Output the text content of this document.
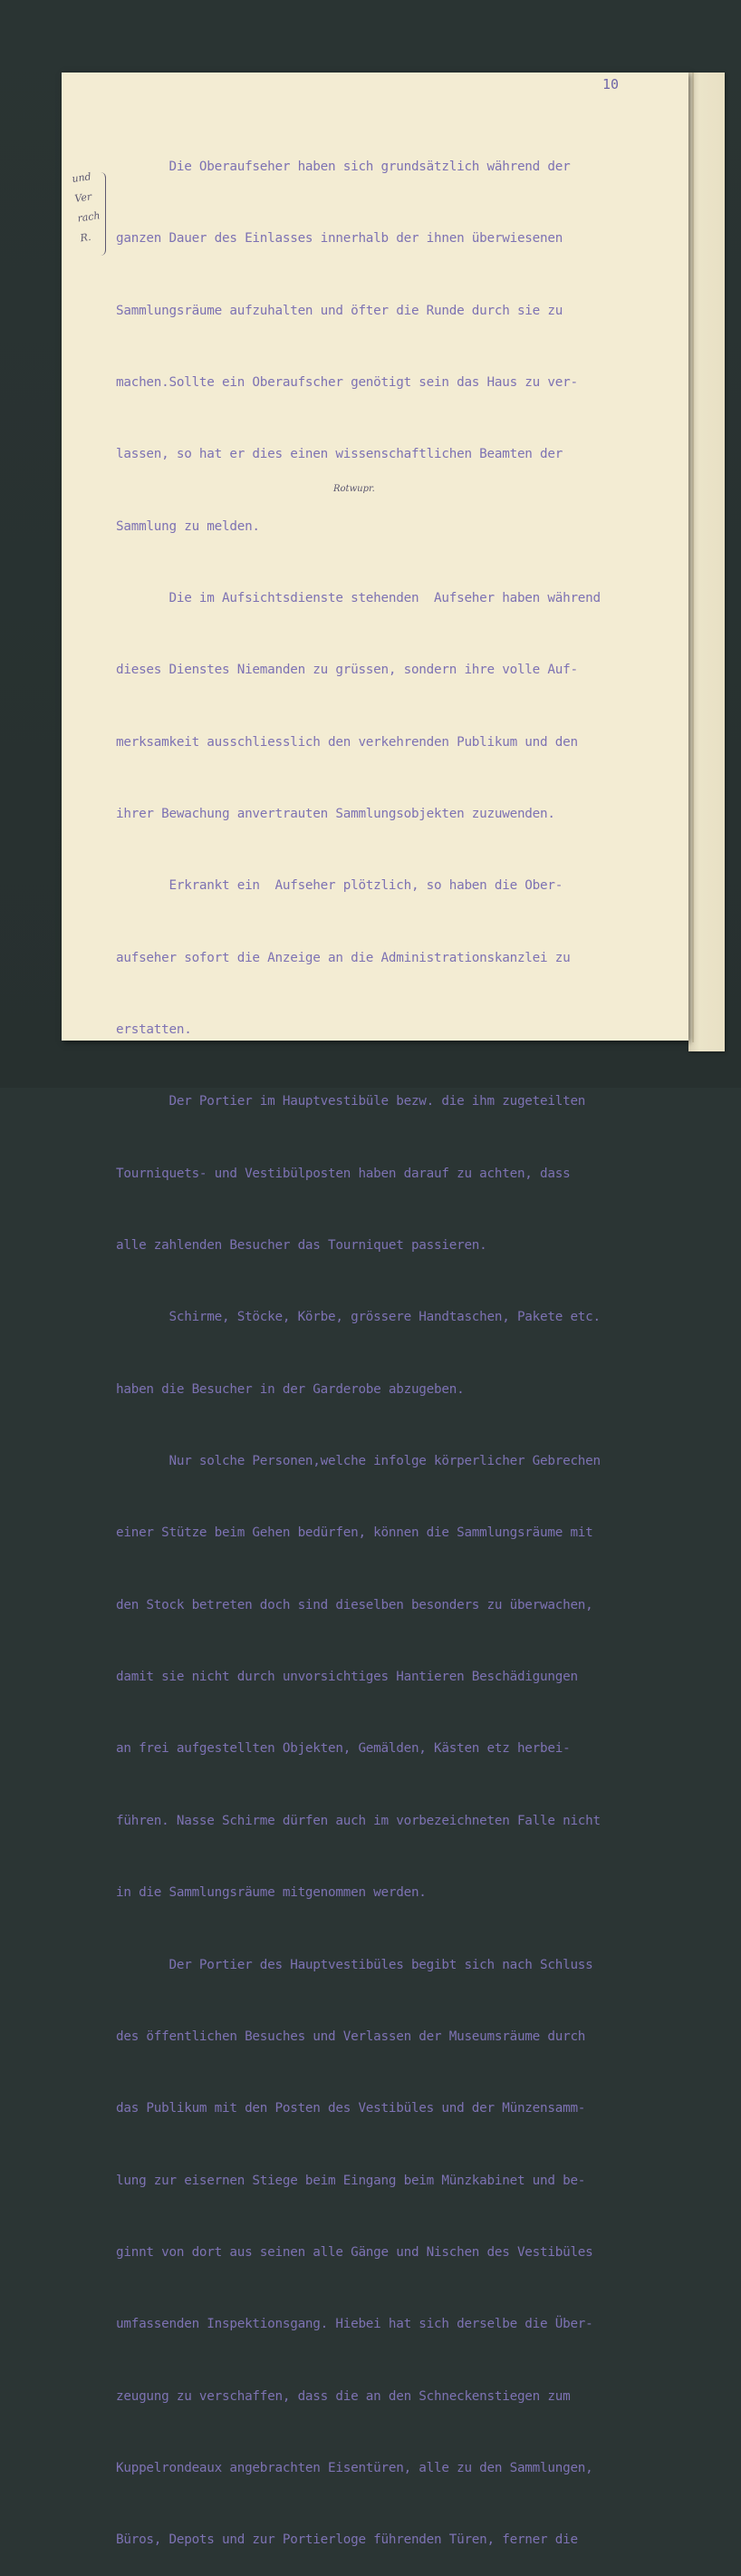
10
und
Ver
rach
R.
Rotwupr.

Die Oberaufseher haben sich grundsätzlich während der

ganzen Dauer des Einlasses innerhalb der ihnen überwiesenen

Sammlungsräume aufzuhalten und öfter die Runde durch sie zu

machen.Sollte ein Oberaufscher genötigt sein das Haus zu ver-

lassen, so hat er dies einen wissenschaftlichen Beamten der

Sammlung zu melden.

Die im Aufsichtsdienste stehenden  Aufseher haben während

dieses Dienstes Niemanden zu grüssen, sondern ihre volle Auf-

merksamkeit ausschliesslich den verkehrenden Publikum und den

ihrer Bewachung anvertrauten Sammlungsobjekten zuzuwenden.

Erkrankt ein  Aufseher plötzlich, so haben die Ober-

aufseher sofort die Anzeige an die Administrationskanzlei zu

erstatten.

Der Portier im Hauptvestibüle bezw. die ihm zugeteilten

Tourniquets- und Vestibülposten haben darauf zu achten, dass

alle zahlenden Besucher das Tourniquet passieren.

Schirme, Stöcke, Körbe, grössere Handtaschen, Pakete etc.

haben die Besucher in der Garderobe abzugeben.

Nur solche Personen,welche infolge körperlicher Gebrechen

einer Stütze beim Gehen bedürfen, können die Sammlungsräume mit

den Stock betreten doch sind dieselben besonders zu überwachen,

damit sie nicht durch unvorsichtiges Hantieren Beschädigungen

an frei aufgestellten Objekten, Gemälden, Kästen etz herbei-

führen. Nasse Schirme dürfen auch im vorbezeichneten Falle nicht

in die Sammlungsräume mitgenommen werden.

Der Portier des Hauptvestibüles begibt sich nach Schluss

des öffentlichen Besuches und Verlassen der Museumsräume durch

das Publikum mit den Posten des Vestibüles und der Münzensamm-

lung zur eisernen Stiege beim Eingang beim Münzkabinet und be-

ginnt von dort aus seinen alle Gänge und Nischen des Vestibüles

umfassenden Inspektionsgang. Hiebei hat sich derselbe die Über-

zeugung zu verschaffen, dass die an den Schneckenstiegen zum

Kuppelrondeaux angebrachten Eisentüren, alle zu den Sammlungen,

Büros, Depots und zur Portierloge führenden Türen, ferner die
